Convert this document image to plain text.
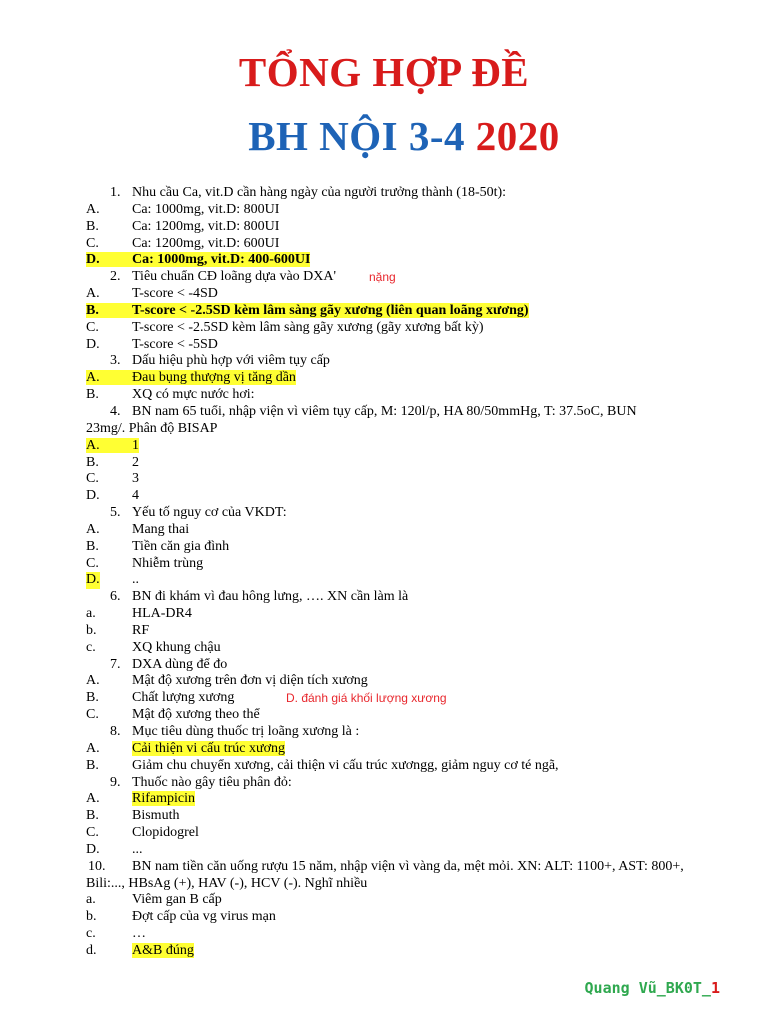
TỔNG HỢP ĐỀ
BH NỘI 3-4 2020
1. Nhu cầu Ca, vit.D cần hàng ngày của người trưởng thành (18-50t):
A. Ca: 1000mg, vit.D: 800UI
B. Ca: 1200mg, vit.D: 800UI
C. Ca: 1200mg, vit.D: 600UI
D. Ca: 1000mg, vit.D: 400-600UI
2. Tiêu chuẩn CĐ loãng dựa vào DXA'	nặng
A. T-score < -4SD
B. T-score < -2.5SD kèm lâm sàng gãy xương (liên quan loãng xương)
C. T-score < -2.5SD kèm lâm sàng gãy xương (gãy xương bất kỳ)
D. T-score < -5SD
3. Dấu hiệu phù hợp với viêm tụy cấp
A. Đau bụng thượng vị tăng dần
B. XQ có mực nước hơi:
4. BN nam 65 tuổi, nhập viện vì viêm tụy cấp, M: 120l/p, HA 80/50mmHg, T: 37.5oC, BUN
23mg/. Phân độ BISAP
A. 1
B. 2
C. 3
D. 4
5. Yếu tố nguy cơ của VKDT:
A. Mang thai
B. Tiền căn gia đình
C. Nhiễm trùng
D. ..
6. BN đi khám vì đau hông lưng, …. XN cần làm là
a.	HLA-DR4
b.	RF
c.	XQ khung chậu
7. DXA dùng để đo
A. Mật độ xương trên đơn vị diện tích xương
B. Chất lượng xương	D. đánh giá khối lượng xương
C. Mật độ xương theo thể
8. Mục tiêu dùng thuốc trị loãng xương là :
A. Cải thiện vi cấu trúc xương
B. Giảm chu chuyển xương, cải thiện vi cấu trúc xươngg, giảm nguy cơ té ngã,
9. Thuốc nào gây tiêu phân đỏ:
A. Rifampicin
B. Bismuth
C. Clopidogrel
D. ...
10. BN nam tiền căn uống rượu 15 năm, nhập viện vì vàng da, mệt mỏi. XN: ALT: 1100+, AST: 800+, Bili:..., HBsAg (+), HAV (-), HCV (-). Nghĩ nhiều
a.	Viêm gan B cấp
b.	Đợt cấp của vg virus mạn
c.	…
d.	A&B đúng
Quang Vũ_BK0T_1
